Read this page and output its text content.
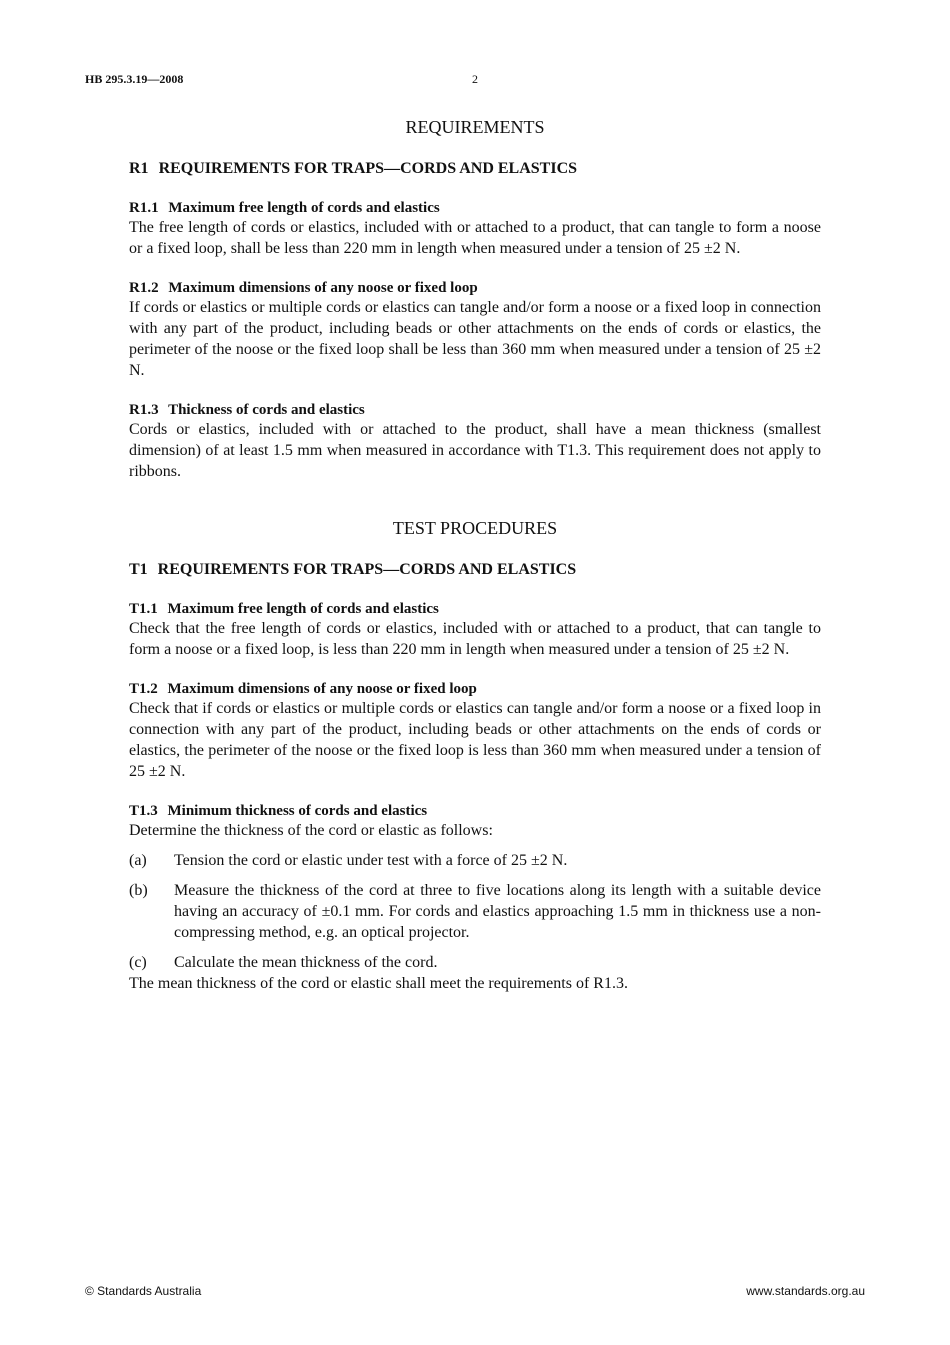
HB 295.3.19—2008	2
REQUIREMENTS
R1 REQUIREMENTS FOR TRAPS—CORDS AND ELASTICS
R1.1 Maximum free length of cords and elastics

The free length of cords or elastics, included with or attached to a product, that can tangle to form a noose or a fixed loop, shall be less than 220 mm in length when measured under a tension of 25 ±2 N.

R1.2 Maximum dimensions of any noose or fixed loop

If cords or elastics or multiple cords or elastics can tangle and/or form a noose or a fixed loop in connection with any part of the product, including beads or other attachments on the ends of cords or elastics, the perimeter of the noose or the fixed loop shall be less than 360 mm when measured under a tension of 25 ±2 N.

R1.3 Thickness of cords and elastics

Cords or elastics, included with or attached to the product, shall have a mean thickness (smallest dimension) of at least 1.5 mm when measured in accordance with T1.3. This requirement does not apply to ribbons.

TEST PROCEDURES
T1 REQUIREMENTS FOR TRAPS—CORDS AND ELASTICS
T1.1 Maximum free length of cords and elastics

Check that the free length of cords or elastics, included with or attached to a product, that can tangle to form a noose or a fixed loop, is less than 220 mm in length when measured under a tension of 25 ±2 N.

T1.2 Maximum dimensions of any noose or fixed loop

Check that if cords or elastics or multiple cords or elastics can tangle and/or form a noose or a fixed loop in connection with any part of the product, including beads or other attachments on the ends of cords or elastics, the perimeter of the noose or the fixed loop is less than 360 mm when measured under a tension of 25 ±2 N.

T1.3 Minimum thickness of cords and elastics

Determine the thickness of the cord or elastic as follows:

(a)	Tension the cord or elastic under test with a force of 25 ±2 N.
(b)	Measure the thickness of the cord at three to five locations along its length with a suitable device having an accuracy of ±0.1 mm. For cords and elastics approaching 1.5 mm in thickness use a non-compressing method, e.g. an optical projector.
(c)	Calculate the mean thickness of the cord.

The mean thickness of the cord or elastic shall meet the requirements of R1.3.

© Standards Australia	www.standards.org.au
